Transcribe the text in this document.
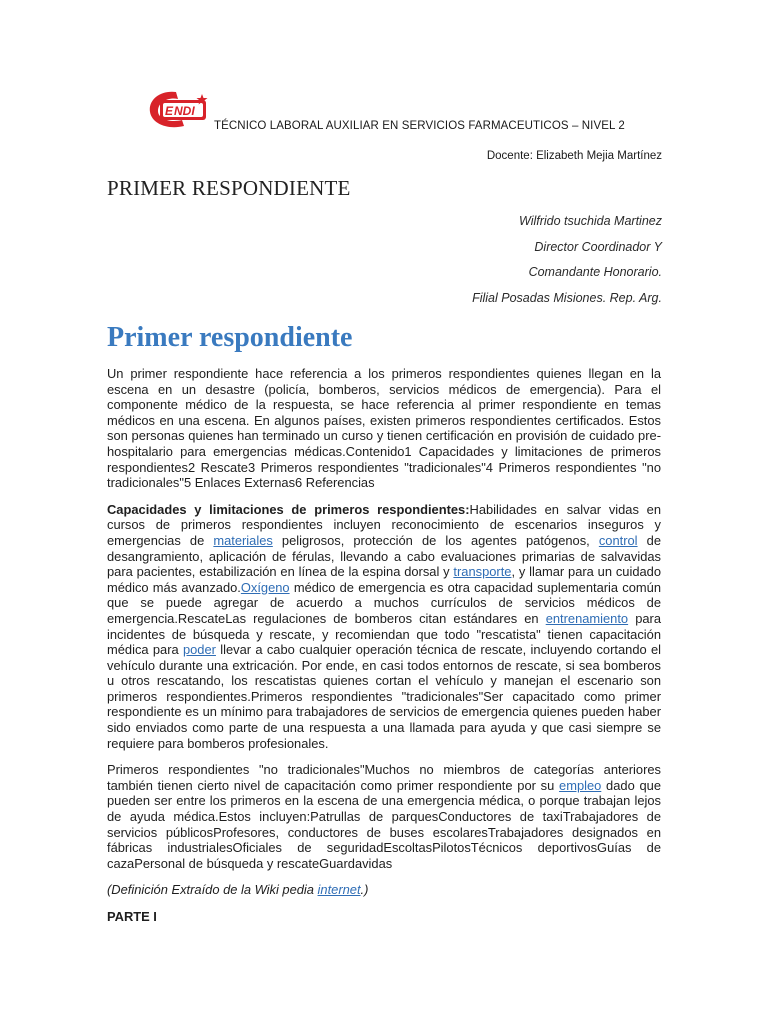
E NDI
TÉCNICO LABORAL AUXILIAR EN SERVICIOS FARMACEUTICOS – NIVEL 2
Docente: Elizabeth Mejia Martínez
PRIMER RESPONDIENTE
Wilfrido tsuchida Martinez
Director Coordinador Y
Comandante Honorario.
Filial Posadas Misiones. Rep. Arg.
Primer respondiente

Un primer respondiente hace referencia a los primeros respondientes quienes llegan en la escena en un desastre (policía, bomberos, servicios médicos de emergencia). Para el componente médico de la respuesta, se hace referencia al primer respondiente en temas médicos en una escena. En algunos países, existen primeros respondientes certificados. Estos son personas quienes han terminado un curso y tienen certificación en provisión de cuidado pre-hospitalario para emergencias médicas.Contenido1 Capacidades y limitaciones de primeros respondientes2 Rescate3 Primeros respondientes "tradicionales"4 Primeros respondientes "no tradicionales"5 Enlaces Externas6 Referencias

Capacidades y limitaciones de primeros respondientes:Habilidades en salvar vidas en cursos de primeros respondientes incluyen reconocimiento de escenarios inseguros y emergencias de materiales peligrosos, protección de los agentes patógenos, control de desangramiento, aplicación de férulas, llevando a cabo evaluaciones primarias de salvavidas para pacientes, estabilización en línea de la espina dorsal y transporte, y llamar para un cuidado médico más avanzado.Oxígeno médico de emergencia es otra capacidad suplementaria común que se puede agregar de acuerdo a muchos currículos de servicios médicos de emergencia.RescateLas regulaciones de bomberos citan estándares en entrenamiento para incidentes de búsqueda y rescate, y recomiendan que todo "rescatista" tienen capacitación médica para poder llevar a cabo cualquier operación técnica de rescate, incluyendo cortando el vehículo durante una extricación. Por ende, en casi todos entornos de rescate, si sea bomberos u otros rescatando, los rescatistas quienes cortan el vehículo y manejan el escenario son primeros respondientes.Primeros respondientes "tradicionales"Ser capacitado como primer respondiente es un mínimo para trabajadores de servicios de emergencia quienes pueden haber sido enviados como parte de una respuesta a una llamada para ayuda y que casi siempre se requiere para bomberos profesionales.

Primeros respondientes "no tradicionales"Muchos no miembros de categorías anteriores también tienen cierto nivel de capacitación como primer respondiente por su empleo dado que pueden ser entre los primeros en la escena de una emergencia médica, o porque trabajan lejos de ayuda médica.Estos incluyen:Patrullas de parquesConductores de taxiTrabajadores de servicios públicosProfesores, conductores de buses escolaresTrabajadores designados en fábricas industrialesOficiales de seguridadEscoltasPilotosTécnicos deportivosGuías de cazaPersonal de búsqueda y rescateGuardavidas

(Definición Extraído de la Wiki pedia internet.)

PARTE I
